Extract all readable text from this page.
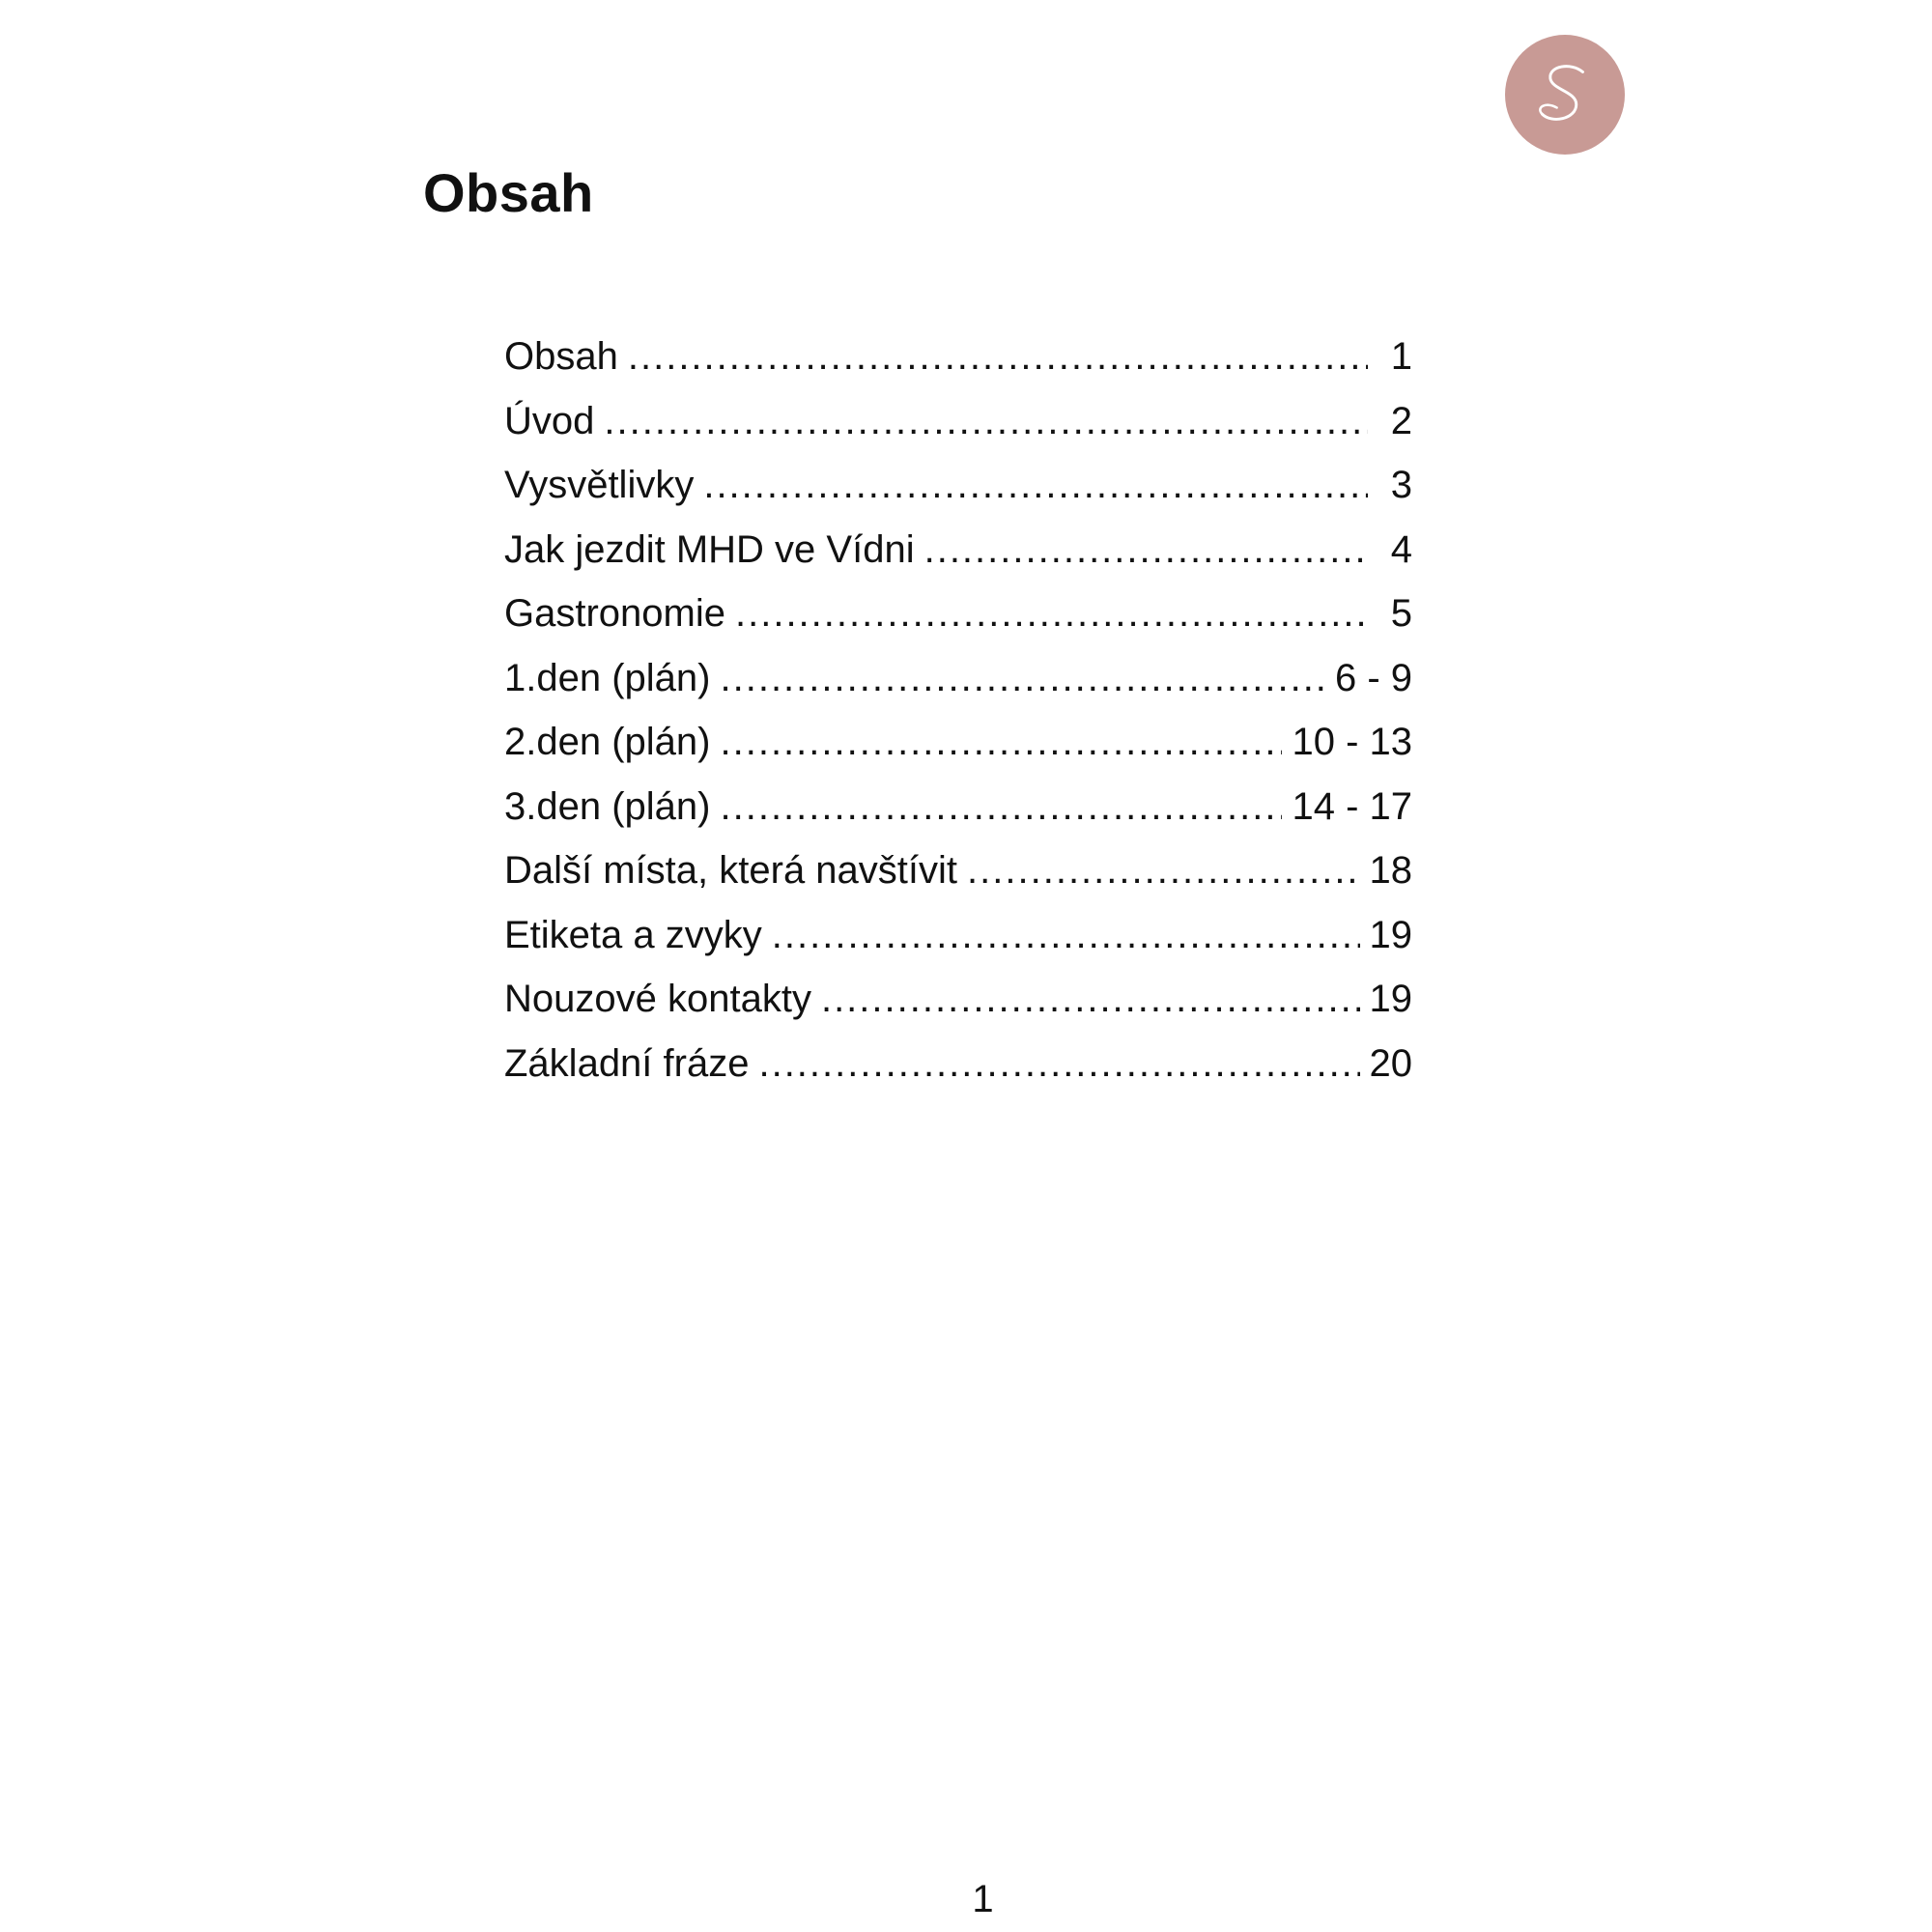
Obsah
Obsah .....	1
Úvod .....	2
Vysvětlivky .....	3
Jak jezdit MHD ve Vídni .....	4
Gastronomie .....	5
1.den (plán) .....	6 - 9
2.den (plán) .....	10 - 13
3.den (plán) .....	14 - 17
Další místa, která navštívit .....	18
Etiketa a zvyky .....	19
Nouzové kontakty .....	19
Základní fráze .....	20
1
